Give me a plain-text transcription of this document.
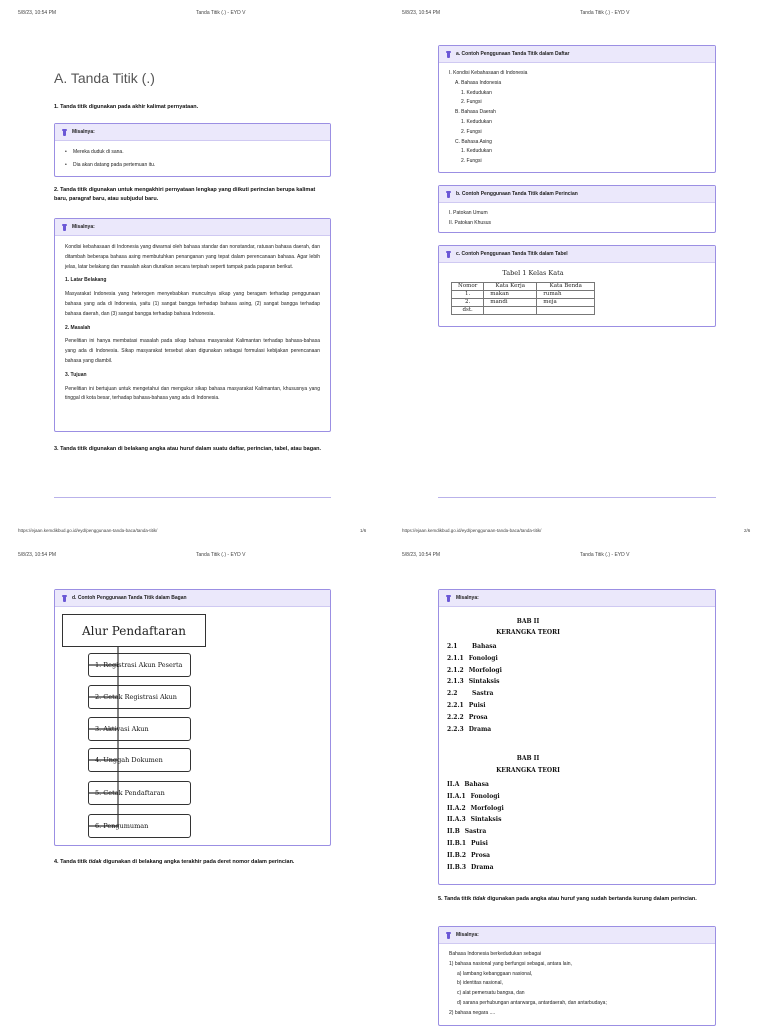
5/8/23, 10:54 PM	Tanda Titik (.) - EYD V
A. Tanda Titik (.)
1. Tanda titik digunakan pada akhir kalimat pernyataan.
Misalnya:

• Mereka duduk di sana.

• Dia akan datang pada pertemuan itu.

2. Tanda titik digunakan untuk mengakhiri pernyataan lengkap yang diikuti perincian berupa kalimat baru, paragraf baru, atau subjudul baru.
Misalnya:
Kondisi kebahasaan di Indonesia yang diwarnai oleh bahasa standar dan nonstandar, ratusan bahasa daerah, dan ditambah beberapa bahasa asing membutuhkan penanganan yang tepat dalam perencanaan bahasa. Agar lebih jelas, latar belakang dan masalah akan diuraikan secara terpisah seperti tampak pada paparan berikut.
1. Latar Belakang
Masyarakat Indonesia yang heterogen menyebabkan munculnya sikap yang beragam terhadap penggunaan bahasa yang ada di Indonesia, yaitu (1) sangat bangga terhadap bahasa asing, (2) sangat bangga terhadap bahasa daerah, dan (3) sangat bangga terhadap bahasa Indonesia.
2. Masalah
Penelitian ini hanya membatasi masalah pada sikap bahasa masyarakat Kalimantan terhadap bahasa-bahasa yang ada di Indonesia. Sikap masyarakat tersebut akan digunakan sebagai formulasi kebijakan perencanaan bahasa yang diambil.
3. Tujuan
Penelitian ini bertujuan untuk mengetahui dan mengukur sikap bahasa masyarakat Kalimantan, khususnya yang tinggal di kota besar, terhadap bahasa-bahasa yang ada di Indonesia.
3. Tanda titik digunakan di belakang angka atau huruf dalam suatu daftar, perincian, tabel, atau bagan.
https://ejaan.kemdikbud.go.id/eyd/penggunaan-tanda-baca/tanda-titik/	1/6
5/8/23, 10:54 PM	Tanda Titik (.) - EYD V
a. Contoh Penggunaan Tanda Titik dalam Daftar
I. Kondisi Kebahasaan di Indonesia
A. Bahasa Indonesia
1. Kedudukan
2. Fungsi
B. Bahasa Daerah
1. Kedudukan
2. Fungsi
C. Bahasa Asing
1. Kedudukan
2. Fungsi
b. Contoh Penggunaan Tanda Titik dalam Perincian
I. Patokan Umum
II. Patokan Khusus
c. Contoh Penggunaan Tanda Titik dalam Tabel
Tabel 1 Kelas Kata
Nomor	Kata Kerja	Kata Benda
1.	makan	rumah
2.	mandi	meja
dst.		
https://ejaan.kemdikbud.go.id/eyd/penggunaan-tanda-baca/tanda-titik/	2/6
5/8/23, 10:54 PM	Tanda Titik (.) - EYD V
d. Contoh Penggunaan Tanda Titik dalam Bagan
Alur Pendaftaran
1. Registrasi Akun Peserta
2. Cetak Registrasi Akun
3. Aktivasi Akun
4. Unggah Dokumen
5. Cetak Pendaftaran
6. Pengumuman
4. Tanda titik tidak digunakan di belakang angka terakhir pada deret nomor dalam perincian.
5/8/23, 10:54 PM	Tanda Titik (.) - EYD V
Misalnya:
BAB II
KERANGKA TEORI
2.1	Bahasa
2.1.1 Fonologi
2.1.2 Morfologi
2.1.3 Sintaksis
2.2	Sastra
2.2.1 Puisi
2.2.2 Prosa
2.2.3 Drama
BAB II
KERANGKA TEORI
II.A Bahasa
II.A.1 Fonologi
II.A.2 Morfologi
II.A.3 Sintaksis
II.B Sastra
II.B.1 Puisi
II.B.2 Prosa
II.B.3 Drama
5. Tanda titik tidak digunakan pada angka atau huruf yang sudah bertanda kurung dalam perincian.
Misalnya:
Bahasa Indonesia berkedudukan sebagai
1) bahasa nasional yang berfungsi sebagai, antara lain,
a) lambang kebanggaan nasional,
b) identitas nasional,
c) alat pemersatu bangsa, dan
d) sarana perhubungan antarwarga, antardaerah, dan antarbudaya;
2) bahasa negara ....
